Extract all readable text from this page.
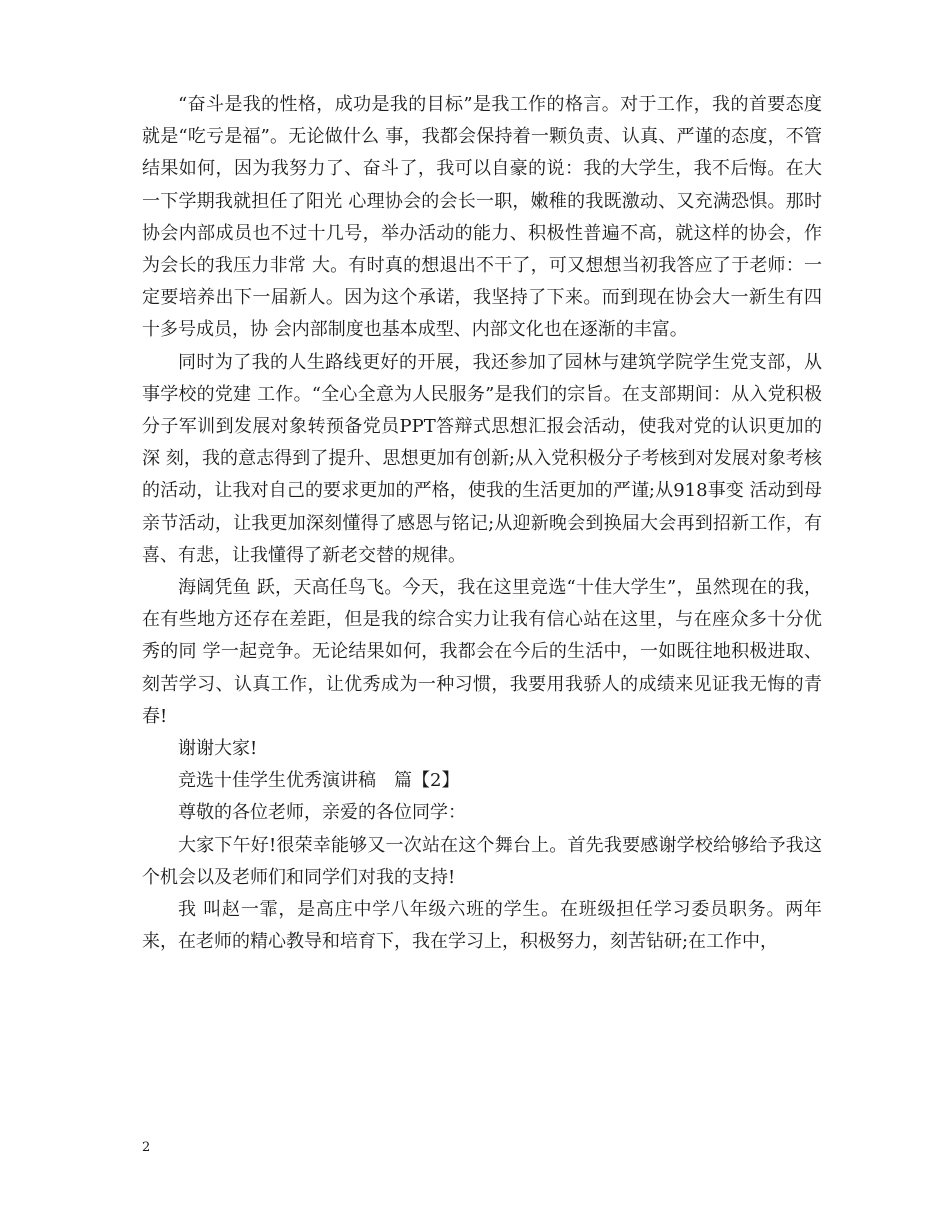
“奋斗是我的性格，成功是我的目标”是我工作的格言。对于工作，我的首要态度就是“吃亏是福”。无论做什么 事，我都会保持着一颗负责、认真、严谨的态度，不管结果如何，因为我努力了、奋斗了，我可以自豪的说：我的大学生，我不后悔。在大一下学期我就担任了阳光 心理协会的会长一职，嫩稚的我既激动、又充满恐惧。那时协会内部成员也不过十几号，举办活动的能力、积极性普遍不高，就这样的协会，作为会长的我压力非常 大。有时真的想退出不干了，可又想想当初我答应了于老师：一定要培养出下一届新人。因为这个承诺，我坚持了下来。而到现在协会大一新生有四十多号成员，协 会内部制度也基本成型、内部文化也在逐渐的丰富。

同时为了我的人生路线更好的开展，我还参加了园林与建筑学院学生党支部，从事学校的党建 工作。“全心全意为人民服务”是我们的宗旨。在支部期间：从入党积极分子军训到发展对象转预备党员PPT答辩式思想汇报会活动，使我对党的认识更加的深 刻，我的意志得到了提升、思想更加有创新;从入党积极分子考核到对发展对象考核的活动，让我对自己的要求更加的严格，使我的生活更加的严谨;从918事变 活动到母亲节活动，让我更加深刻懂得了感恩与铭记;从迎新晚会到换届大会再到招新工作，有喜、有悲，让我懂得了新老交替的规律。

海阔凭鱼 跃，天高任鸟飞。今天，我在这里竞选“十佳大学生”，虽然现在的我，在有些地方还存在差距，但是我的综合实力让我有信心站在这里，与在座众多十分优秀的同 学一起竞争。无论结果如何，我都会在今后的生活中，一如既往地积极进取、刻苦学习、认真工作，让优秀成为一种习惯，我要用我骄人的成绩来见证我无悔的青 春!

谢谢大家!

竞选十佳学生优秀演讲稿　篇【2】

尊敬的各位老师，亲爱的各位同学：

大家下午好!很荣幸能够又一次站在这个舞台上。首先我要感谢学校给够给予我这个机会以及老师们和同学们对我的支持!

我 叫赵一霏，是高庄中学八年级六班的学生。在班级担任学习委员职务。两年来，在老师的精心教导和培育下，我在学习上，积极努力，刻苦钻研;在工作中，

2
